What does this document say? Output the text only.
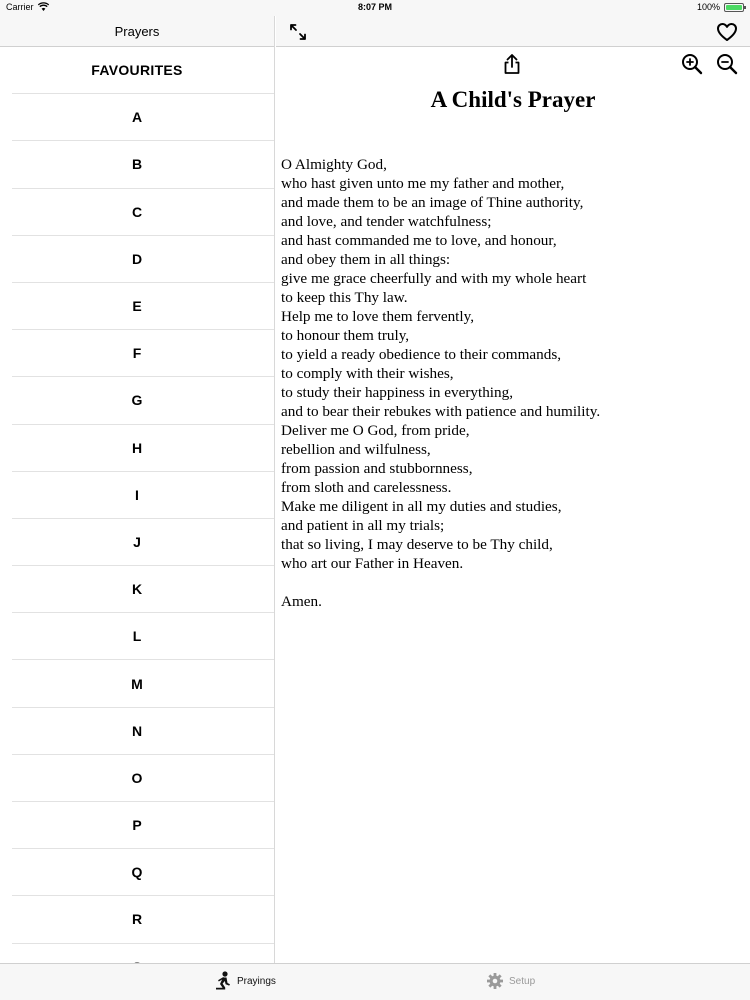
Carrier	8:07 PM	100%
Prayers
FAVOURITES
A
B
C
D
E
F
G
H
I
J
K
L
M
N
O
P
Q
R
A Child's Prayer
O Almighty God,
who hast given unto me my father and mother,
and made them to be an image of Thine authority,
and love, and tender watchfulness;
and hast commanded me to love, and honour,
and obey them in all things:
give me grace cheerfully and with my whole heart
to keep this Thy law.
Help me to love them fervently,
to honour them truly,
to yield a ready obedience to their commands,
to comply with their wishes,
to study their happiness in everything,
and to bear their rebukes with patience and humility.
Deliver me O God, from pride,
rebellion and wilfulness,
from passion and stubbornness,
from sloth and carelessness.
Make me diligent in all my duties and studies,
and patient in all my trials;
that so living, I may deserve to be Thy child,
who art our Father in Heaven.
Amen.
Prayings	Setup
